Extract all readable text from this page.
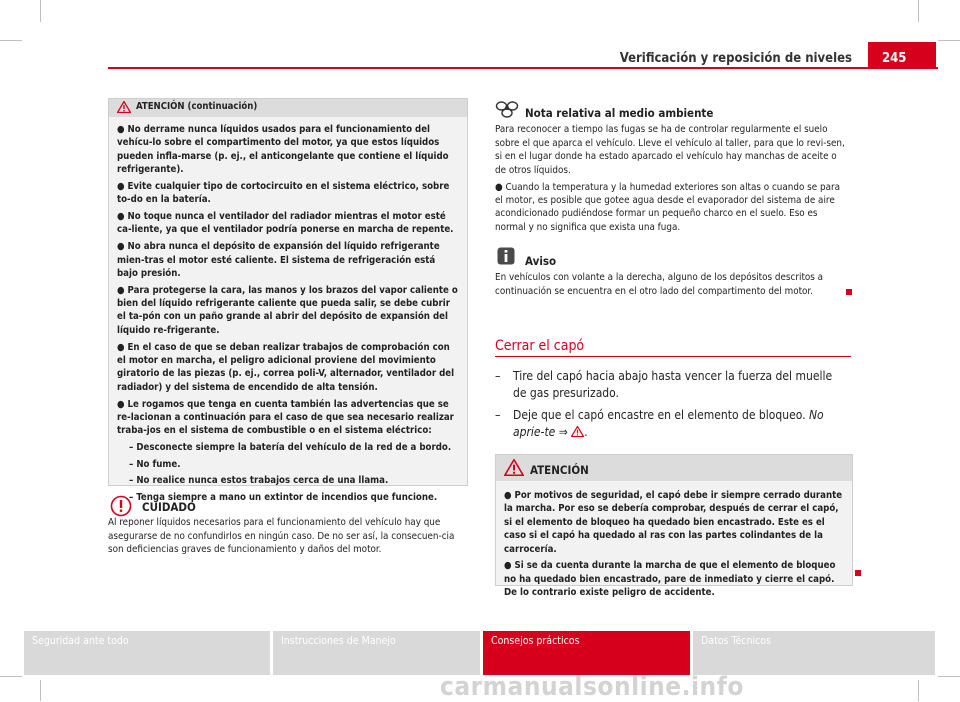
Verificación y reposición de niveles	245
ATENCIÓN (continuación)

● No derrame nunca líquidos usados para el funcionamiento del vehícu-lo sobre el compartimento del motor, ya que estos líquidos pueden infla-marse (p. ej., el anticongelante que contiene el líquido refrigerante).

● Evite cualquier tipo de cortocircuito en el sistema eléctrico, sobre to-do en la batería.

● No toque nunca el ventilador del radiador mientras el motor esté ca-liente, ya que el ventilador podría ponerse en marcha de repente.

● No abra nunca el depósito de expansión del líquido refrigerante mien-tras el motor esté caliente. El sistema de refrigeración está bajo presión.

● Para protegerse la cara, las manos y los brazos del vapor caliente o bien del líquido refrigerante caliente que pueda salir, se debe cubrir el ta-pón con un paño grande al abrir del depósito de expansión del líquido re-frigerante.

● En el caso de que se deban realizar trabajos de comprobación con el motor en marcha, el peligro adicional proviene del movimiento giratorio de las piezas (p. ej., correa poli-V, alternador, ventilador del radiador) y del sistema de encendido de alta tensión.

● Le rogamos que tenga en cuenta también las advertencias que se re-lacionan a continuación para el caso de que sea necesario realizar traba-jos en el sistema de combustible o en el sistema eléctrico:

– Desconecte siempre la batería del vehículo de la red de a bordo.

– No fume.

– No realice nunca estos trabajos cerca de una llama.

– Tenga siempre a mano un extintor de incendios que funcione.

CUIDADO

Al reponer líquidos necesarios para el funcionamiento del vehículo hay que asegurarse de no confundirlos en ningún caso. De no ser así, la consecuen-cia son deficiencias graves de funcionamiento y daños del motor.

Nota relativa al medio ambiente

Para reconocer a tiempo las fugas se ha de controlar regularmente el suelo sobre el que aparca el vehículo. Lleve el vehículo al taller, para que lo revi-sen, si en el lugar donde ha estado aparcado el vehículo hay manchas de aceite o de otros líquidos.

● Cuando la temperatura y la humedad exteriores son altas o cuando se para el motor, es posible que gotee agua desde el evaporador del sistema de aire acondicionado pudiéndose formar un pequeño charco en el suelo. Eso es normal y no significa que exista una fuga.

Aviso

En vehículos con volante a la derecha, alguno de los depósitos descritos a continuación se encuentra en el otro lado del compartimento del motor.

Cerrar el capó
– Tire del capó hacia abajo hasta vencer la fuerza del muelle de gas presurizado.
– Deje que el capó encastre en el elemento de bloqueo. No aprie-te ⇒ .
ATENCIÓN

● Por motivos de seguridad, el capó debe ir siempre cerrado durante la marcha. Por eso se debería comprobar, después de cerrar el capó, si el elemento de bloqueo ha quedado bien encastrado. Este es el caso si el capó ha quedado al ras con las partes colindantes de la carrocería.

● Si se da cuenta durante la marcha de que el elemento de bloqueo no ha quedado bien encastrado, pare de inmediato y cierre el capó. De lo contrario existe peligro de accidente.

Seguridad ante todo	Instrucciones de Manejo	Consejos prácticos	Datos Técnicos
carmanualsonline.info
